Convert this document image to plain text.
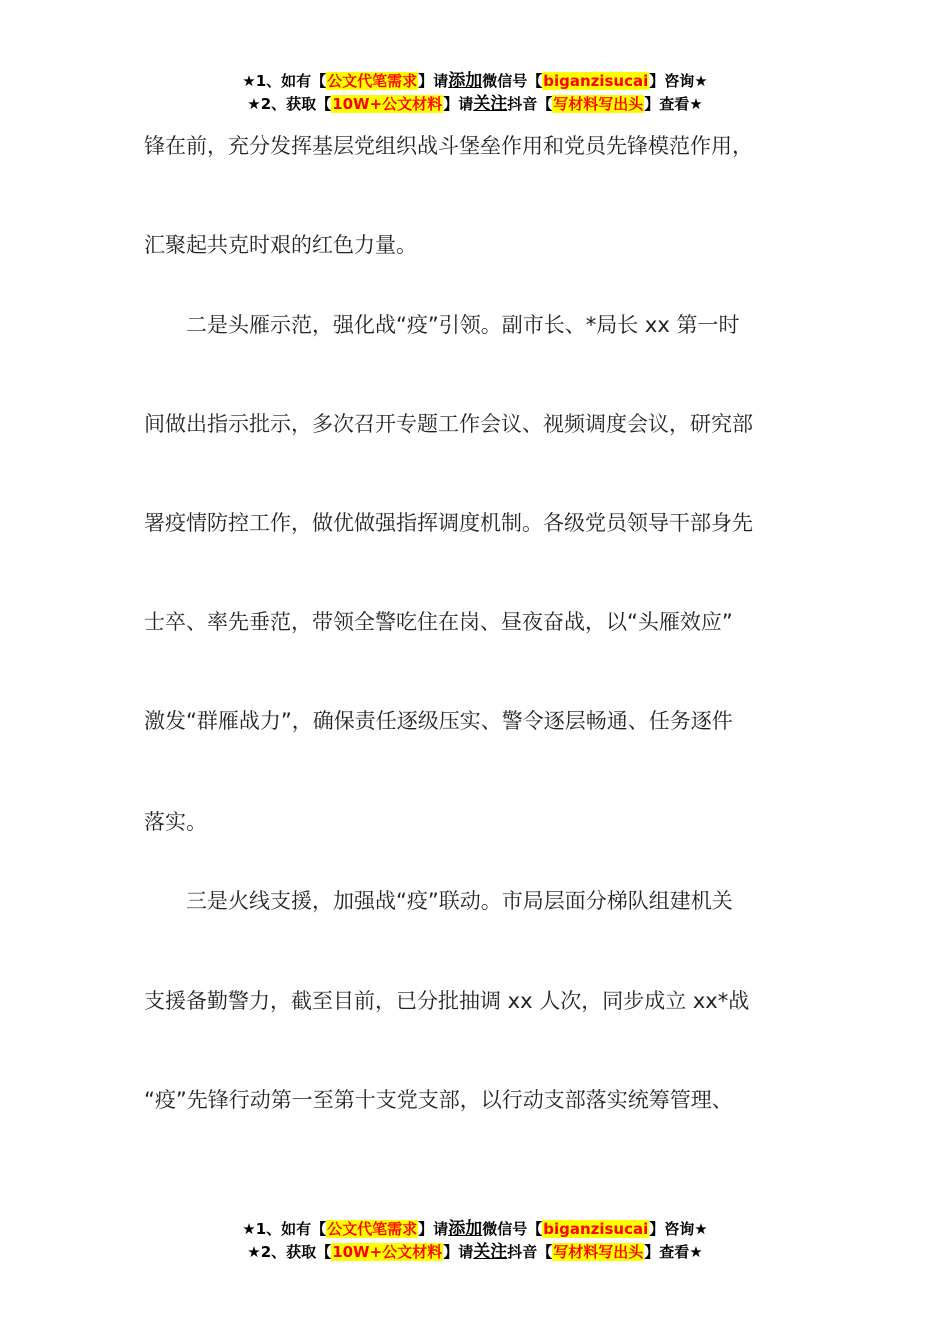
★1、如有【公文代笔需求】请添加微信号【biganzisucai】咨询★
★2、获取【10W+公文材料】请关注抖音【写材料写出头】查看★
锋在前，充分发挥基层党组织战斗堡垒作用和党员先锋模范作用，
汇聚起共克时艰的红色力量。
　　二是头雁示范，强化战“疫”引领。副市长、*局长 xx 第一时
间做出指示批示，多次召开专题工作会议、视频调度会议，研究部
署疫情防控工作，做优做强指挥调度机制。各级党员领导干部身先
士卒、率先垂范，带领全警吃住在岗、昼夜奋战，以“头雁效应”
激发“群雁战力”，确保责任逐级压实、警令逐层畅通、任务逐件
落实。
　　三是火线支援，加强战“疫”联动。市局层面分梯队组建机关
支援备勤警力，截至目前，已分批抽调 xx 人次，同步成立 xx*战
“疫”先锋行动第一至第十支党支部，以行动支部落实统筹管理、
★1、如有【公文代笔需求】请添加微信号【biganzisucai】咨询★
★2、获取【10W+公文材料】请关注抖音【写材料写出头】查看★
